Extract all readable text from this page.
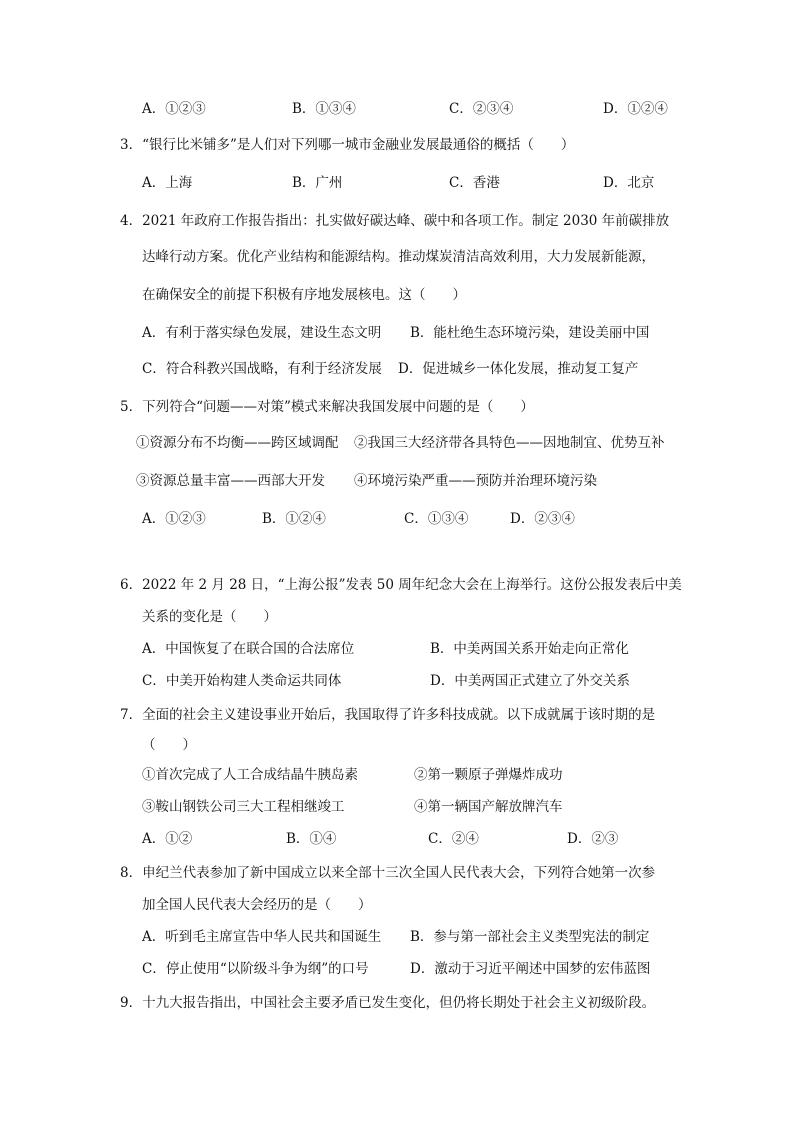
A．①②③	B．①③④	C．②③④	D．①②④
3．“银行比米铺多”是人们对下列哪一城市金融业发展最通俗的概括（　　）
A．上海	B．广州	C．香港	D．北京
4．2021 年政府工作报告指出：扎实做好碳达峰、碳中和各项工作。制定 2030 年前碳排放
达峰行动方案。优化产业结构和能源结构。推动煤炭清洁高效利用，大力发展新能源，
在确保安全的前提下积极有序地发展核电。这（　　）
A．有利于落实绿色发展，建设生态文明 B．能杜绝生态环境污染，建设美丽中国
C．符合科教兴国战略，有利于经济发展 D．促进城乡一体化发展，推动复工复产
5．下列符合“问题——对策”模式来解决我国发展中问题的是（　　）
①资源分布不均衡——跨区域调配 ②我国三大经济带各具特色——因地制宜、优势互补
③资源总量丰富——西部大开发 ④环境污染严重——预防并治理环境污染
A．①②③	B．①②④	C．①③④	D．②③④
6．2022 年 2 月 28 日，“上海公报”发表 50 周年纪念大会在上海举行。这份公报发表后中美
关系的变化是（　　）
A．中国恢复了在联合国的合法席位	B．中美两国关系开始走向正常化
C．中美开始构建人类命运共同体	D．中美两国正式建立了外交关系
7．全面的社会主义建设事业开始后，我国取得了许多科技成就。以下成就属于该时期的是
（　　）
①首次完成了人工合成结晶牛胰岛素	②第一颗原子弹爆炸成功
③鞍山钢铁公司三大工程相继竣工	④第一辆国产解放牌汽车
A．①②	B．①④	C．②④	D．②③
8．申纪兰代表参加了新中国成立以来全部十三次全国人民代表大会，下列符合她第一次参
加全国人民代表大会经历的是（　　）
A．听到毛主席宣告中华人民共和国诞生 B．参与第一部社会主义类型宪法的制定
C．停止使用“以阶级斗争为纲”的口号	D．激动于习近平阐述中国梦的宏伟蓝图
9．十九大报告指出，中国社会主要矛盾已发生变化，但仍将长期处于社会主义初级阶段。
